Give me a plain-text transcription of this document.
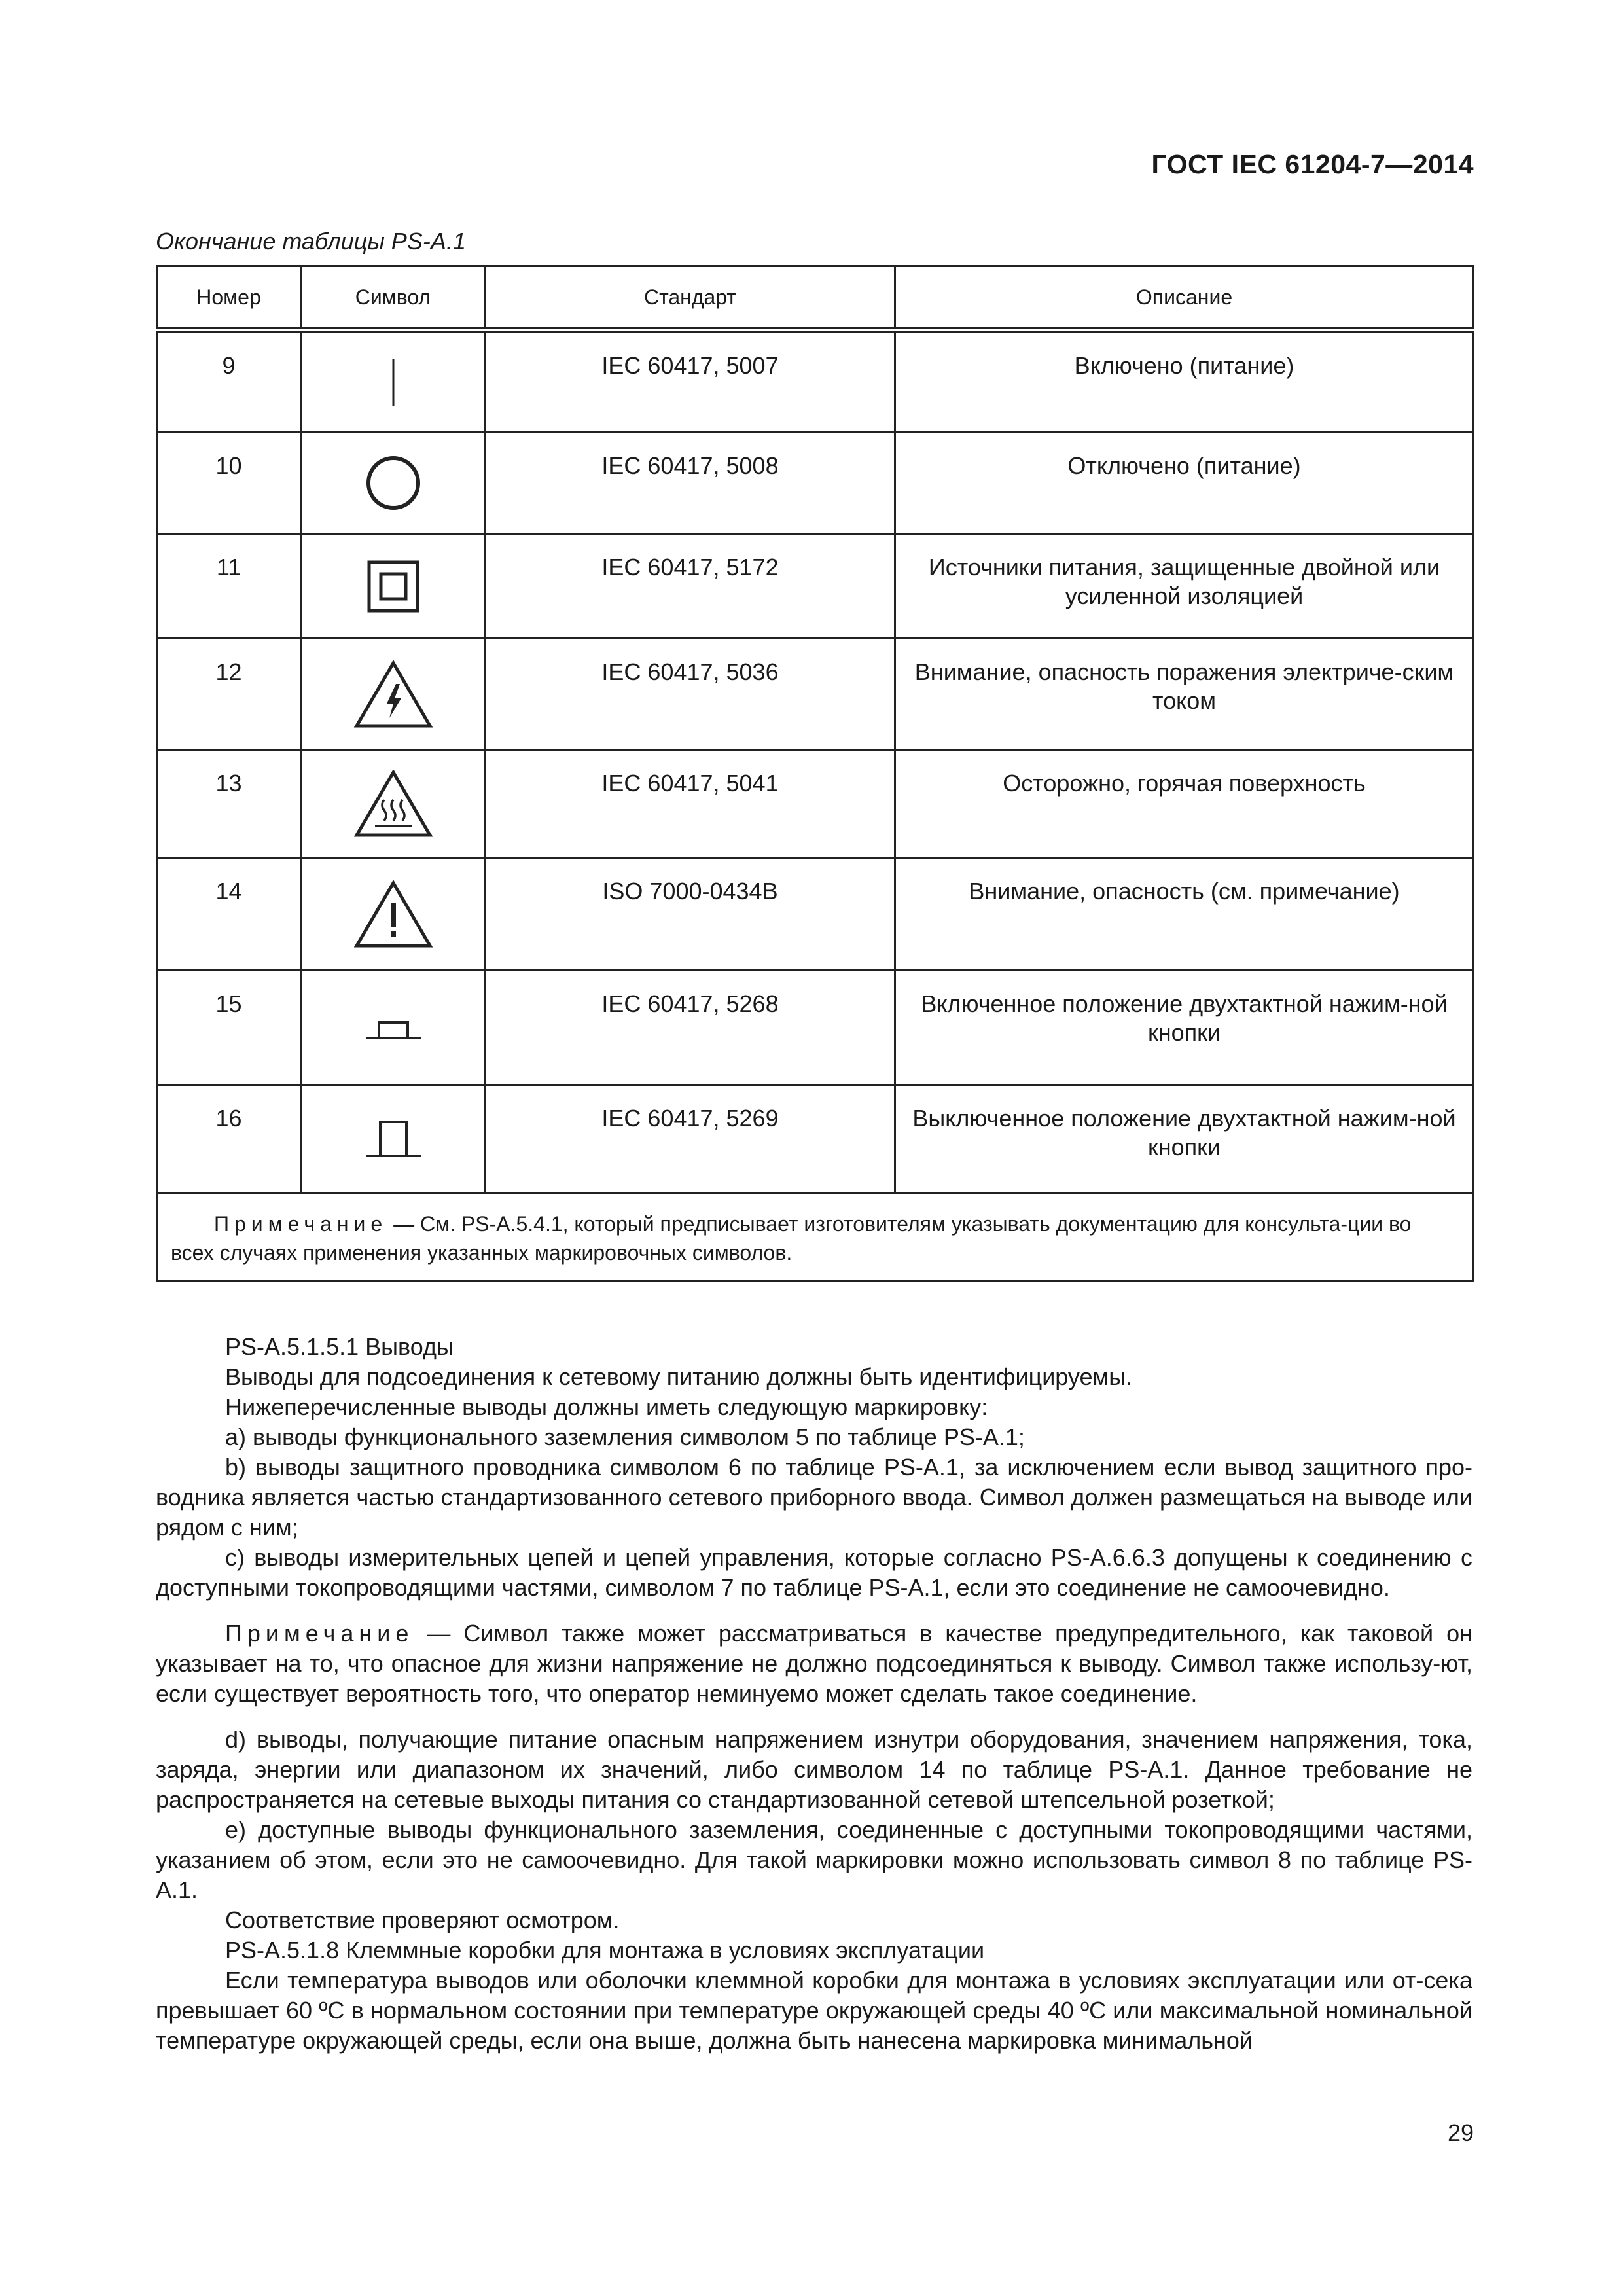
ГОСТ IEC 61204-7—2014
Окончание таблицы PS-A.1
Номер	Символ	Стандарт	Описание

9		IEC 60417, 5007	Включено (питание)

10		IEC 60417, 5008	Отключено (питание)

11		IEC 60417, 5172	Источники питания, защищенные двойной или усиленной изоляцией

12		IEC 60417, 5036	Внимание, опасность поражения электриче-ским током

13		IEC 60417, 5041	Осторожно, горячая поверхность

14		ISO 7000-0434B	Внимание, опасность (см. примечание)

15		IEC 60417, 5268	Включенное положение двухтактной нажим-ной кнопки

16		IEC 60417, 5269	Выключенное положение двухтактной нажим-ной кнопки

Примечание — См. PS-A.5.4.1, который предписывает изготовителям указывать документацию для консульта-ции во всех случаях применения указанных маркировочных символов.			

PS-A.5.1.5.1 Выводы

Выводы для подсоединения к сетевому питанию должны быть идентифицируемы.

Нижеперечисленные выводы должны иметь следующую маркировку:

a) выводы функционального заземления символом 5 по таблице PS-A.1;

b) выводы защитного проводника символом 6 по таблице PS-A.1, за исключением если вывод защитного про-водника является частью стандартизованного сетевого приборного ввода. Символ должен размещаться на выводе или рядом с ним;

c) выводы измерительных цепей и цепей управления, которые согласно PS-A.6.6.3 допущены к соединению с доступными токопроводящими частями, символом 7 по таблице PS-A.1, если это соединение не самоочевидно.

Примечание — Символ также может рассматриваться в качестве предупредительного, как таковой он указывает на то, что опасное для жизни напряжение не должно подсоединяться к выводу. Символ также использу-ют, если существует вероятность того, что оператор неминуемо может сделать такое соединение.

d) выводы, получающие питание опасным напряжением изнутри оборудования, значением напряжения, тока, заряда, энергии или диапазоном их значений, либо символом 14 по таблице PS-A.1. Данное требование не распространяется на сетевые выходы питания со стандартизованной сетевой штепсельной розеткой;

e) доступные выводы функционального заземления, соединенные с доступными токопроводящими частями, указанием об этом, если это не самоочевидно. Для такой маркировки можно использовать символ 8 по таблице PS-A.1.

Соответствие проверяют осмотром.

PS-A.5.1.8 Клеммные коробки для монтажа в условиях эксплуатации

Если температура выводов или оболочки клеммной коробки для монтажа в условиях эксплуатации или от-сека превышает 60 ºC в нормальном состоянии при температуре окружающей среды 40 ºC или максимальной номинальной температуре окружающей среды, если она выше, должна быть нанесена маркировка минимальной

29
